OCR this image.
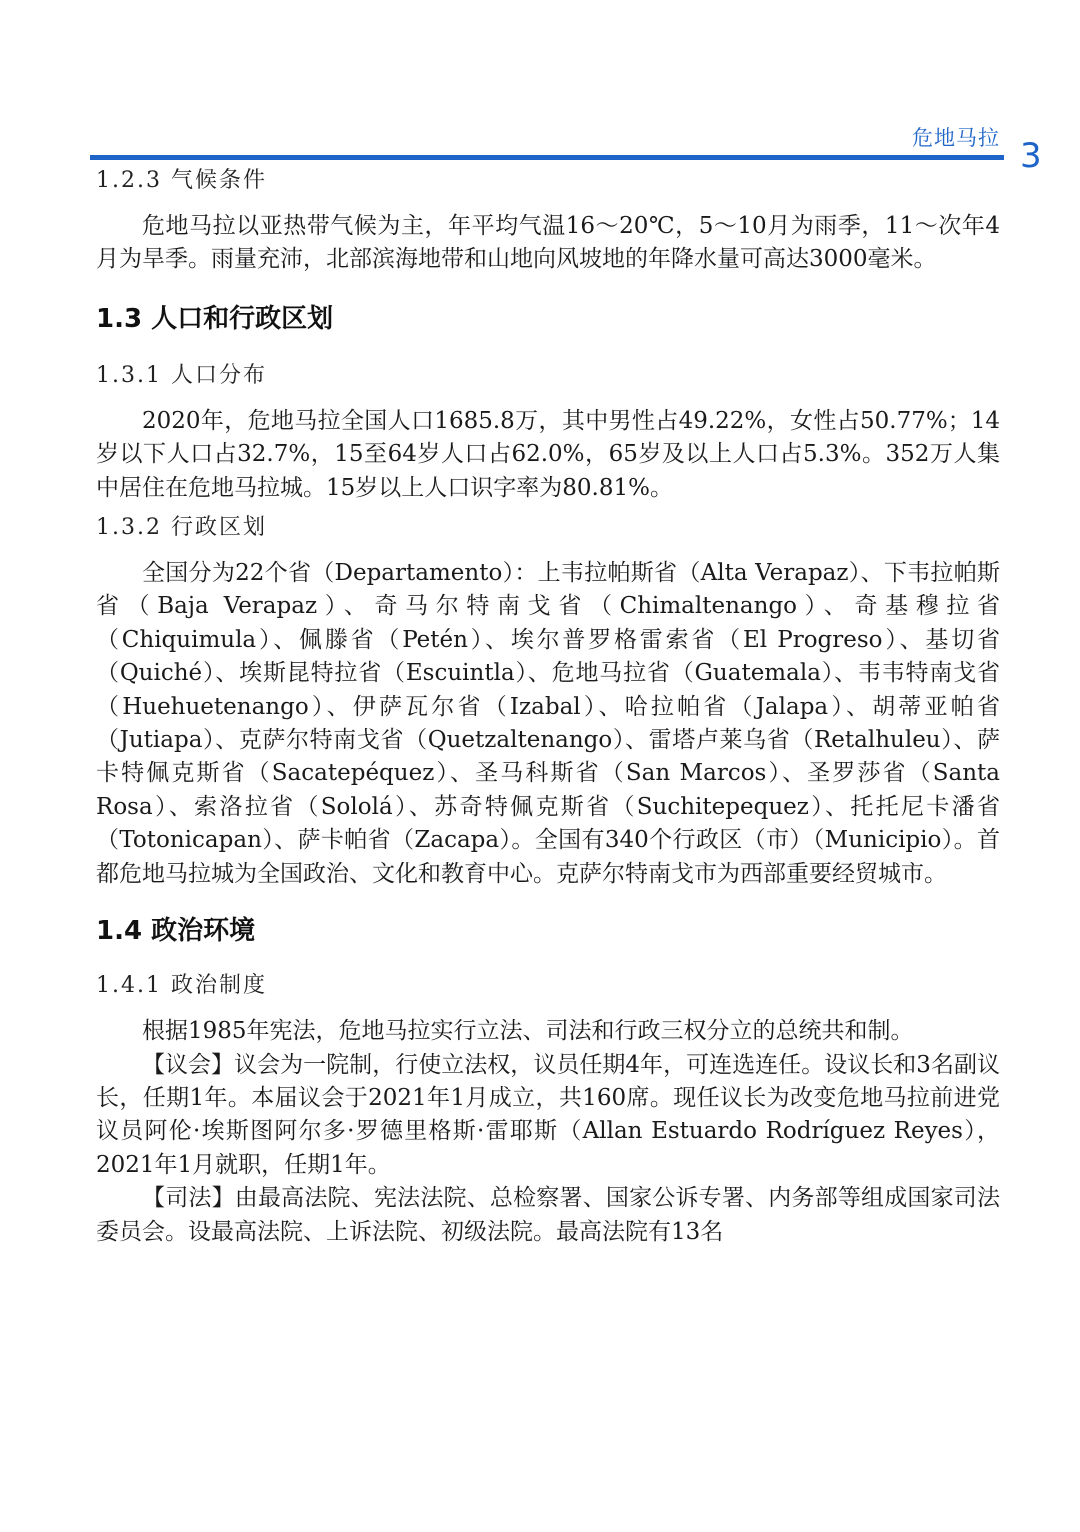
危地马拉 3

1.2.3 气候条件

危地马拉以亚热带气候为主，年平均气温16～20℃，5～10月为雨季，11～次年4月为旱季。雨量充沛，北部滨海地带和山地向风坡地的年降水量可高达3000毫米。

1.3 人口和行政区划

1.3.1 人口分布

2020年，危地马拉全国人口1685.8万，其中男性占49.22%，女性占50.77%；14岁以下人口占32.7%，15至64岁人口占62.0%，65岁及以上人口占5.3%。352万人集中居住在危地马拉城。15岁以上人口识字率为80.81%。

1.3.2 行政区划

全国分为22个省（Departamento）：上韦拉帕斯省（Alta Verapaz）、下韦拉帕斯省（Baja Verapaz）、奇马尔特南戈省（Chimaltenango）、奇基穆拉省（Chiquimula）、佩滕省（Petén）、埃尔普罗格雷索省（El Progreso）、基切省（Quiché）、埃斯昆特拉省（Escuintla）、危地马拉省（Guatemala）、韦韦特南戈省（Huehuetenango）、伊萨瓦尔省（Izabal）、哈拉帕省（Jalapa）、胡蒂亚帕省（Jutiapa）、克萨尔特南戈省（Quetzaltenango）、雷塔卢莱乌省（Retalhuleu）、萨卡特佩克斯省（Sacatepéquez）、圣马科斯省（San Marcos）、圣罗莎省（Santa Rosa）、索洛拉省（Sololá）、苏奇特佩克斯省（Suchitepequez）、托托尼卡潘省（Totonicapan）、萨卡帕省（Zacapa）。全国有340个行政区（市）（Municipio）。首都危地马拉城为全国政治、文化和教育中心。克萨尔特南戈市为西部重要经贸城市。

1.4 政治环境

1.4.1 政治制度

根据1985年宪法，危地马拉实行立法、司法和行政三权分立的总统共和制。

【议会】议会为一院制，行使立法权，议员任期4年，可连选连任。设议长和3名副议长，任期1年。本届议会于2021年1月成立，共160席。现任议长为改变危地马拉前进党议员阿伦·埃斯图阿尔多·罗德里格斯·雷耶斯（Allan Estuardo Rodríguez Reyes），2021年1月就职，任期1年。

【司法】由最高法院、宪法法院、总检察署、国家公诉专署、内务部等组成国家司法委员会。设最高法院、上诉法院、初级法院。最高法院有13名
